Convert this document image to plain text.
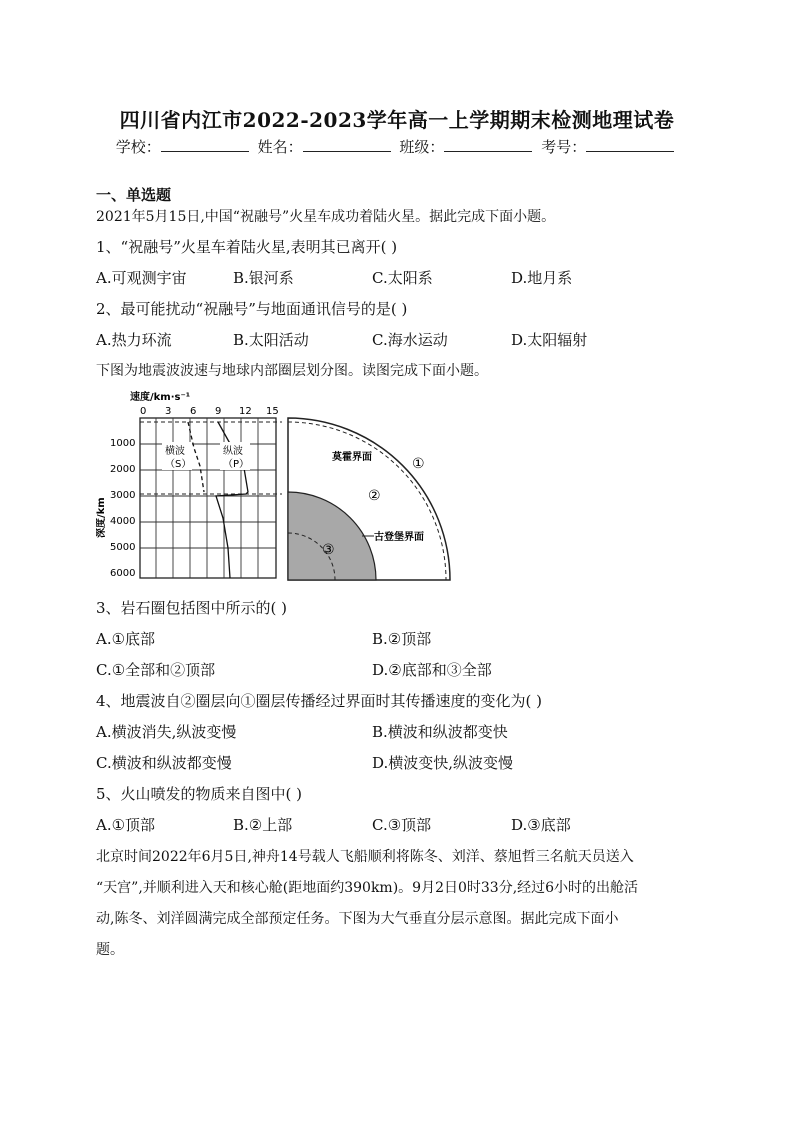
四川省内江市2022-2023学年高一上学期期末检测地理试卷
学校：	姓名：	班级：	考号：
一、单选题
2021年5月15日,中国“祝融号”火星车成功着陆火星。据此完成下面小题。
1、“祝融号”火星车着陆火星,表明其已离开( )
A.可观测宇宙	B.银河系	C.太阳系	D.地月系
2、最可能扰动“祝融号”与地面通讯信号的是( )
A.热力环流	B.太阳活动	C.海水运动	D.太阳辐射
下图为地震波波速与地球内部圈层划分图。读图完成下面小题。
速度/km·s⁻¹
0 3 6 9 12 15
1000
2000
3000
4000
5000
6000
深度/km
横波
（S）
纵波
（P）
莫霍界面	①
②
古登堡界面
③
3、岩石圈包括图中所示的( )
A.①底部	B.②顶部
C.①全部和②顶部	D.②底部和③全部
4、地震波自②圈层向①圈层传播经过界面时其传播速度的变化为( )
A.横波消失,纵波变慢	B.横波和纵波都变快
C.横波和纵波都变慢	D.横波变快,纵波变慢
5、火山喷发的物质来自图中( )
A.①顶部	B.②上部	C.③顶部	D.③底部
北京时间2022年6月5日,神舟14号载人飞船顺利将陈冬、刘洋、蔡旭哲三名航天员送入
“天宫”,并顺利进入天和核心舱(距地面约390km)。9月2日0时33分,经过6小时的出舱活
动,陈冬、刘洋圆满完成全部预定任务。下图为大气垂直分层示意图。据此完成下面小
题。
